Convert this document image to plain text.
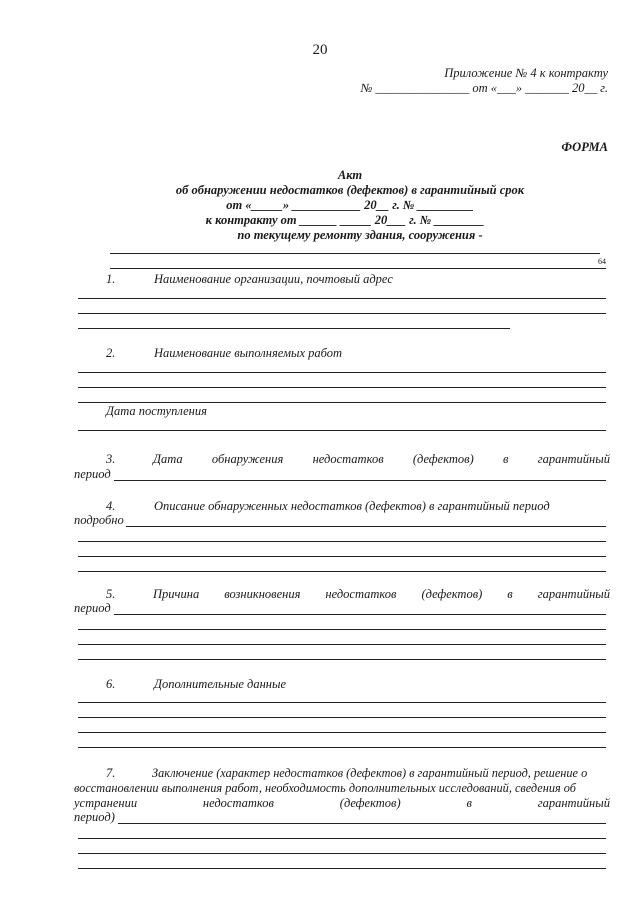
20
Приложение № 4 к контракту
№ _______________ от «___» _______ 20__ г.
ФОРМА
Акт
об обнаружении недостатков (дефектов) в гарантийный срок
от «_____» ___________ 20__ г. № _________
к контракту от ______ _____ 20___ г. № ________
по текущему ремонту здания, сооружения -
64
1.	Наименование организации, почтовый адрес
2.	Наименование выполняемых работ
Дата поступления
3.	Дата обнаружения недостатков (дефектов) в гарантийный
период
4.	Описание обнаруженных недостатков (дефектов) в гарантийный период
подробно
5.	Причина возникновения недостатков (дефектов) в гарантийный
период
6.	Дополнительные данные
7.	Заключение (характер недостатков (дефектов) в гарантийный период, решение о
восстановлении выполнения работ, необходимость дополнительных исследований, сведения об
устранении	недостатков	(дефектов)	в	гарантийный
период)
